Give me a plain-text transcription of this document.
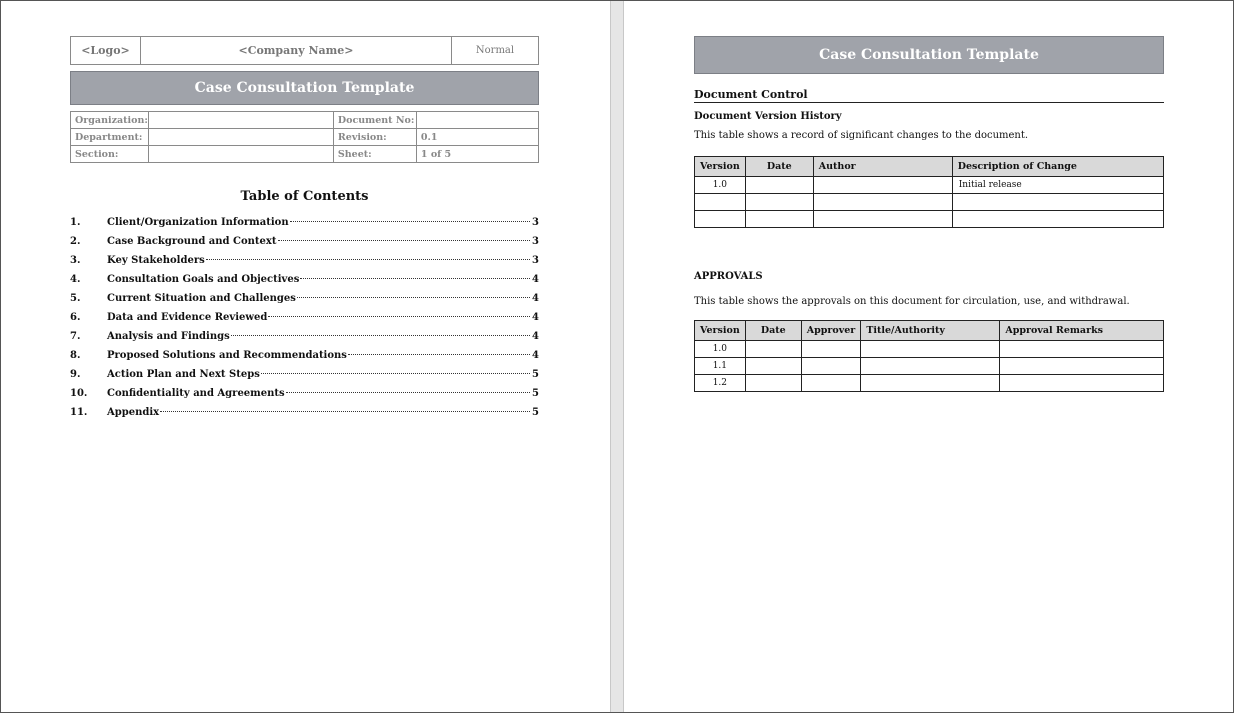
<Logo>	<Company Name>	Normal
Case Consultation Template
Organization:		Document No:	
Department:		Revision:	0.1
Section:		Sheet:	1 of 5
Table of Contents
1.	Client/Organization Information	3
2.	Case Background and Context	3
3.	Key Stakeholders	3
4.	Consultation Goals and Objectives	4
5.	Current Situation and Challenges	4
6.	Data and Evidence Reviewed	4
7.	Analysis and Findings	4
8.	Proposed Solutions and Recommendations	4
9.	Action Plan and Next Steps	5
10.	Confidentiality and Agreements	5
11.	Appendix	5
Case Consultation Template
Document Control
Document Version History
This table shows a record of significant changes to the document.
Version	Date	Author	Description of Change
1.0			Initial release

APPROVALS
This table shows the approvals on this document for circulation, use, and withdrawal.
Version	Date	Approver	Title/Authority	Approval Remarks
1.0				
1.1				
1.2				
